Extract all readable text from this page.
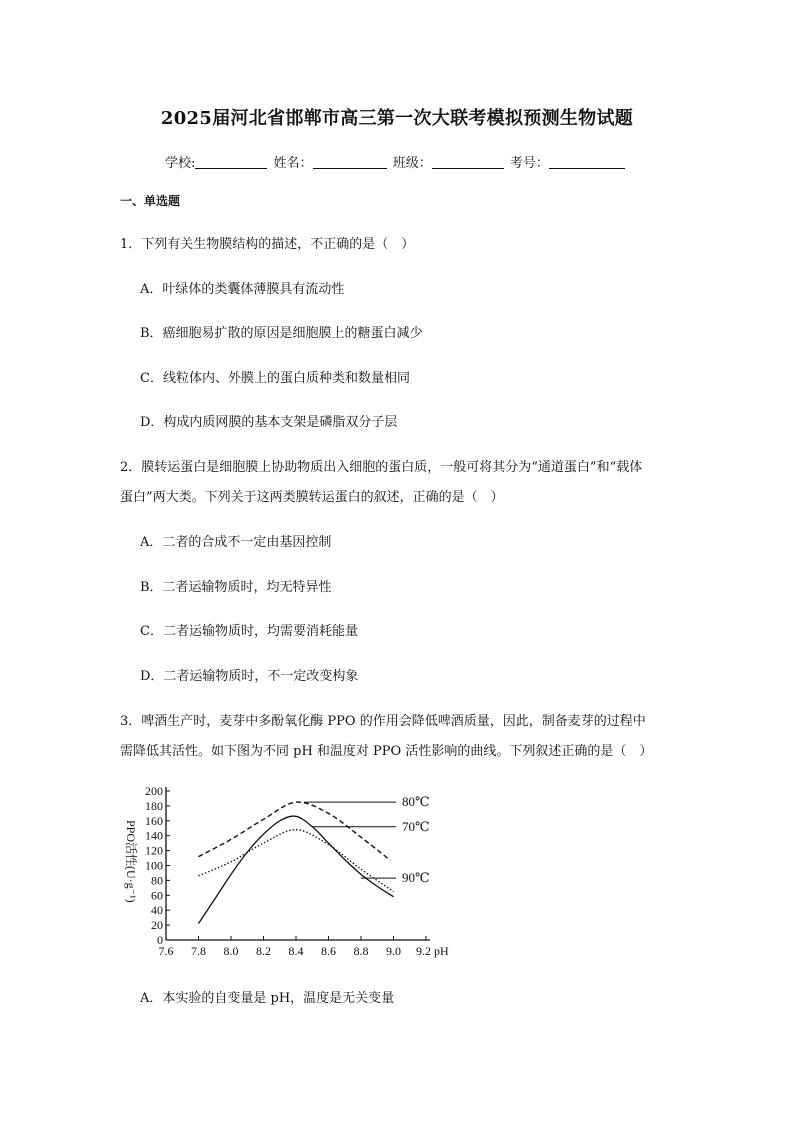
2025届河北省邯郸市高三第一次大联考模拟预测生物试题
学校:	姓名：	班级：	考号：
一、单选题
1．下列有关生物膜结构的描述，不正确的是（　）
A．叶绿体的类囊体薄膜具有流动性
B．癌细胞易扩散的原因是细胞膜上的糖蛋白减少
C．线粒体内、外膜上的蛋白质种类和数量相同
D．构成内质网膜的基本支架是磷脂双分子层
2．膜转运蛋白是细胞膜上协助物质出入细胞的蛋白质，一般可将其分为“通道蛋白”和“载体
蛋白”两大类。下列关于这两类膜转运蛋白的叙述，正确的是（　）
A．二者的合成不一定由基因控制
B．二者运输物质时，均无特异性
C．二者运输物质时，均需要消耗能量
D．二者运输物质时，不一定改变构象
3．啤酒生产时，麦芽中多酚氧化酶 PPO 的作用会降低啤酒质量，因此，制备麦芽的过程中
需降低其活性。如下图为不同 pH 和温度对 PPO 活性影响的曲线。下列叙述正确的是（　）
0
20
40
60
80
100
120
140
160
180
200
7.6 7.8 8.0 8.2 8.4 8.6 8.8 9.0 9.2 pH
PPO活性(U·g⁻¹)
80℃
70℃
90℃
A．本实验的自变量是 pH，温度是无关变量
